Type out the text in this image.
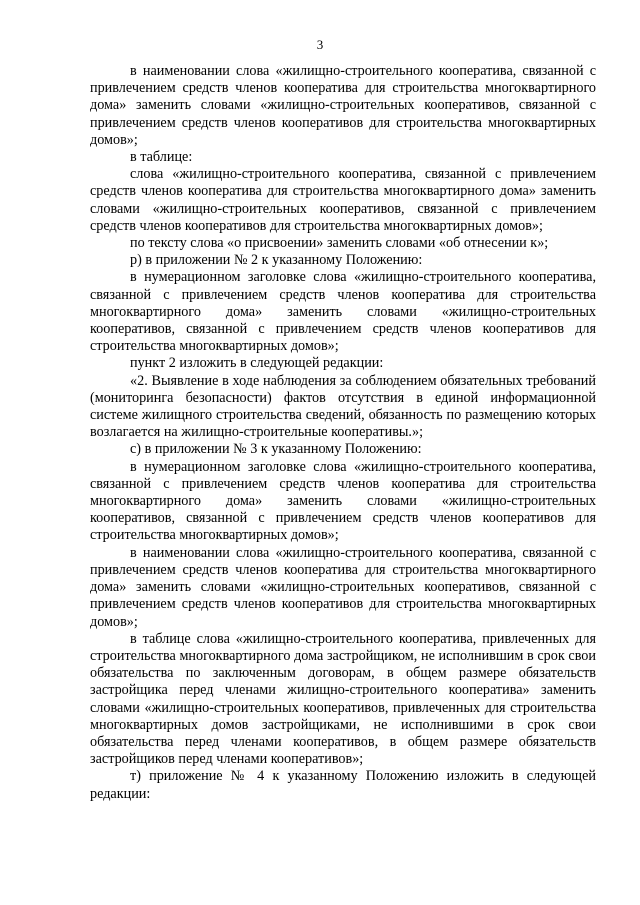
3

в наименовании слова «жилищно-строительного кооператива, связанной с привлечением средств членов кооператива для строительства многоквартирного дома» заменить словами «жилищно-строительных кооперативов, связанной с привлечением средств членов кооперативов для строительства многоквартирных домов»;

в таблице:

слова «жилищно-строительного кооператива, связанной с привлечением средств членов кооператива для строительства многоквартирного дома» заменить словами «жилищно-строительных кооперативов, связанной с привлечением средств членов кооперативов для строительства многоквартирных домов»;

по тексту слова «о присвоении» заменить словами «об отнесении к»;

р) в приложении № 2 к указанному Положению:

в нумерационном заголовке слова «жилищно-строительного кооператива, связанной с привлечением средств членов кооператива для строительства многоквартирного дома» заменить словами «жилищно-строительных кооперативов, связанной с привлечением средств членов кооперативов для строительства многоквартирных домов»;

пункт 2 изложить в следующей редакции:

«2. Выявление в ходе наблюдения за соблюдением обязательных требований (мониторинга безопасности) фактов отсутствия в единой информационной системе жилищного строительства сведений, обязанность по размещению которых возлагается на жилищно-строительные кооперативы.»;

с) в приложении № 3 к указанному Положению:

в нумерационном заголовке слова «жилищно-строительного кооператива, связанной с привлечением средств членов кооператива для строительства многоквартирного дома» заменить словами «жилищно-строительных кооперативов, связанной с привлечением средств членов кооперативов для строительства многоквартирных домов»;

в наименовании слова «жилищно-строительного кооператива, связанной с привлечением средств членов кооператива для строительства многоквартирного дома» заменить словами «жилищно-строительных кооперативов, связанной с привлечением средств членов кооперативов для строительства многоквартирных домов»;

в таблице слова «жилищно-строительного кооператива, привлеченных для строительства многоквартирного дома застройщиком, не исполнившим в срок свои обязательства по заключенным договорам, в общем размере обязательств застройщика перед членами жилищно-строительного кооператива» заменить словами «жилищно-строительных кооперативов, привлеченных для строительства многоквартирных домов застройщиками, не исполнившими в срок свои обязательства перед членами кооперативов, в общем размере обязательств застройщиков перед членами кооперативов»;

т) приложение № 4 к указанному Положению изложить в следующей редакции:
